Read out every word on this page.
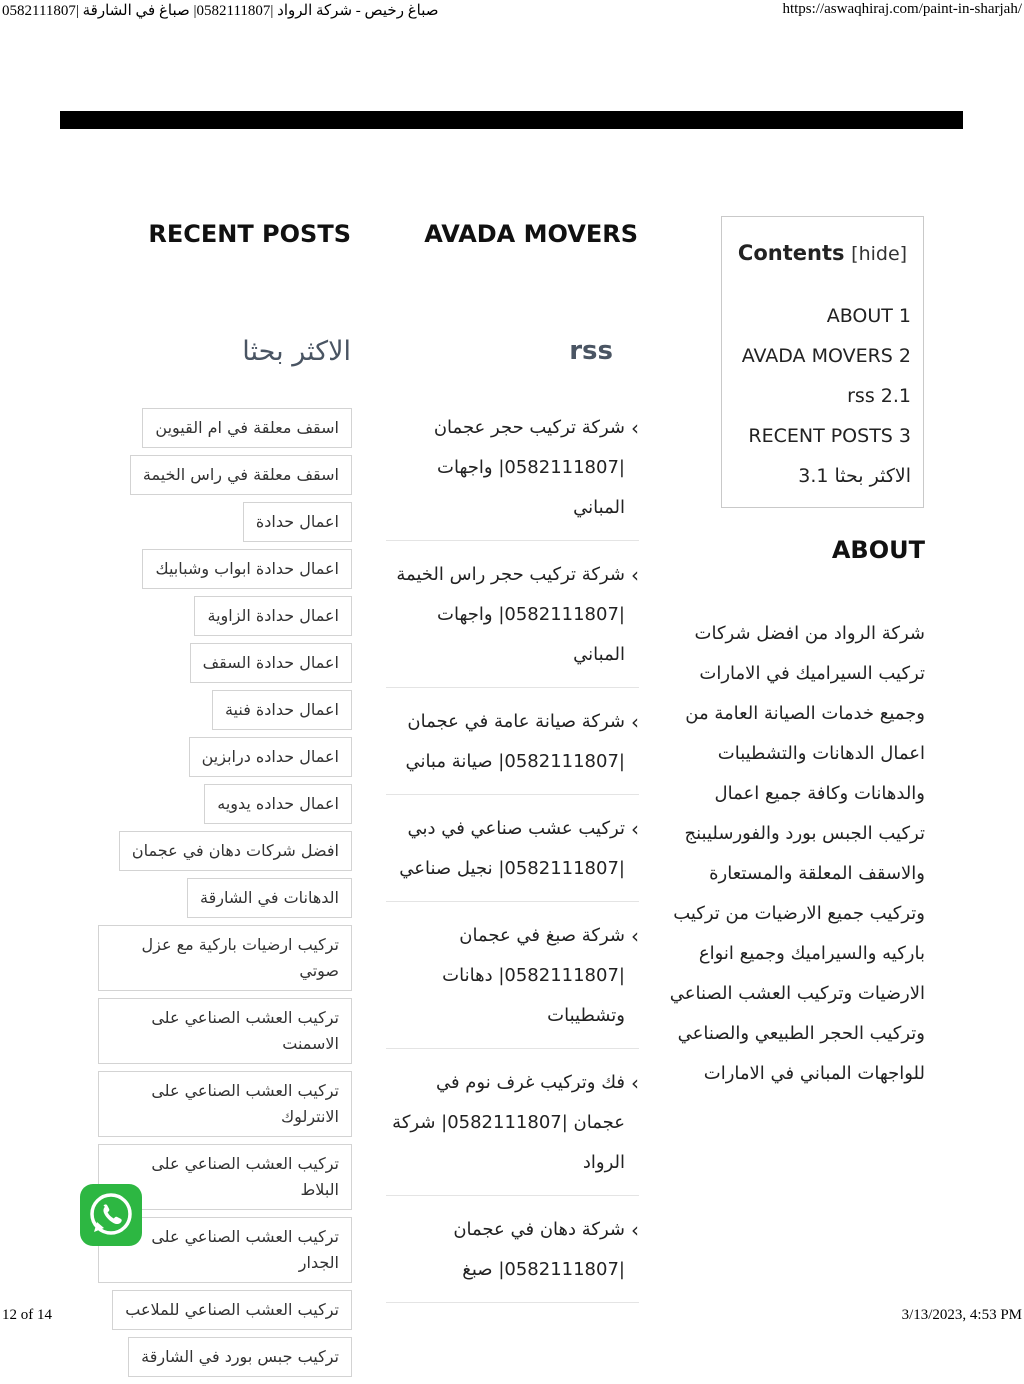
0582111807| صباغ رخيص - شركة الرواد |0582111807| صباغ في الشارقة	https://aswaqhiraj.com/paint-in-sharjah/
Contents [hide]
ABOUT 1
AVADA MOVERS 2
rss 2.1
RECENT POSTS 3
3.1 الاكثر بحثا
ABOUT
شركة الرواد من افضل شركات تركيب السيراميك في الامارات وجميع خدمات الصيانة العامة من اعمال الدهانات والتشطيبات والدهانات وكافة جميع اعمال تركيب الجبس بورد والفورسليبنج والاسقف المعلقة والمستعارة وتركيب جميع الارضيات من تركيب باركيه والسيراميك وجميع انواع الارضيات وتركيب العشب الصناعي وتركيب الحجر الطبيعي والصناعي للواجهات المباني في الامارات
AVADA MOVERS
rss
›
شركة تركيب حجر عجمان |0582111807| واجهات المباني
›
شركة تركيب حجر راس الخيمة |0582111807| واجهات المباني
›
شركة صيانة عامة في عجمان |0582111807| صيانة مباني
›
تركيب عشب صناعي في دبي |0582111807| نجيل صناعي
›
شركة صبغ في عجمان |0582111807| دهانات وتشطيبات
›
فك وتركيب غرف نوم في عجمان |0582111807| شركة الرواد
›
شركة دهان في عجمان |0582111807| صبغ
RECENT POSTS
الاكثر بحثا
اسقف معلقة في ام القيوين
اسقف معلقة في راس الخيمة
اعمال حدادة
اعمال حدادة ابواب وشبابيك
اعمال حدادة الزاوية
اعمال حدادة السقف
اعمال حدادة فنية
اعمال حداده درابزين
اعمال حداده يدويه
افضل شركات دهان في عجمان
الدهانات في الشارقة
تركيب ارضيات باركية مع عزل صوتي
تركيب العشب الصناعي على الاسمنت
تركيب العشب الصناعي على الانترلوك
تركيب العشب الصناعي على البلاط
تركيب العشب الصناعي على الجدار
تركيب العشب الصناعي للملاعب
تركيب جبس بورد في الشارقة
12 of 14	3/13/2023, 4:53 PM
